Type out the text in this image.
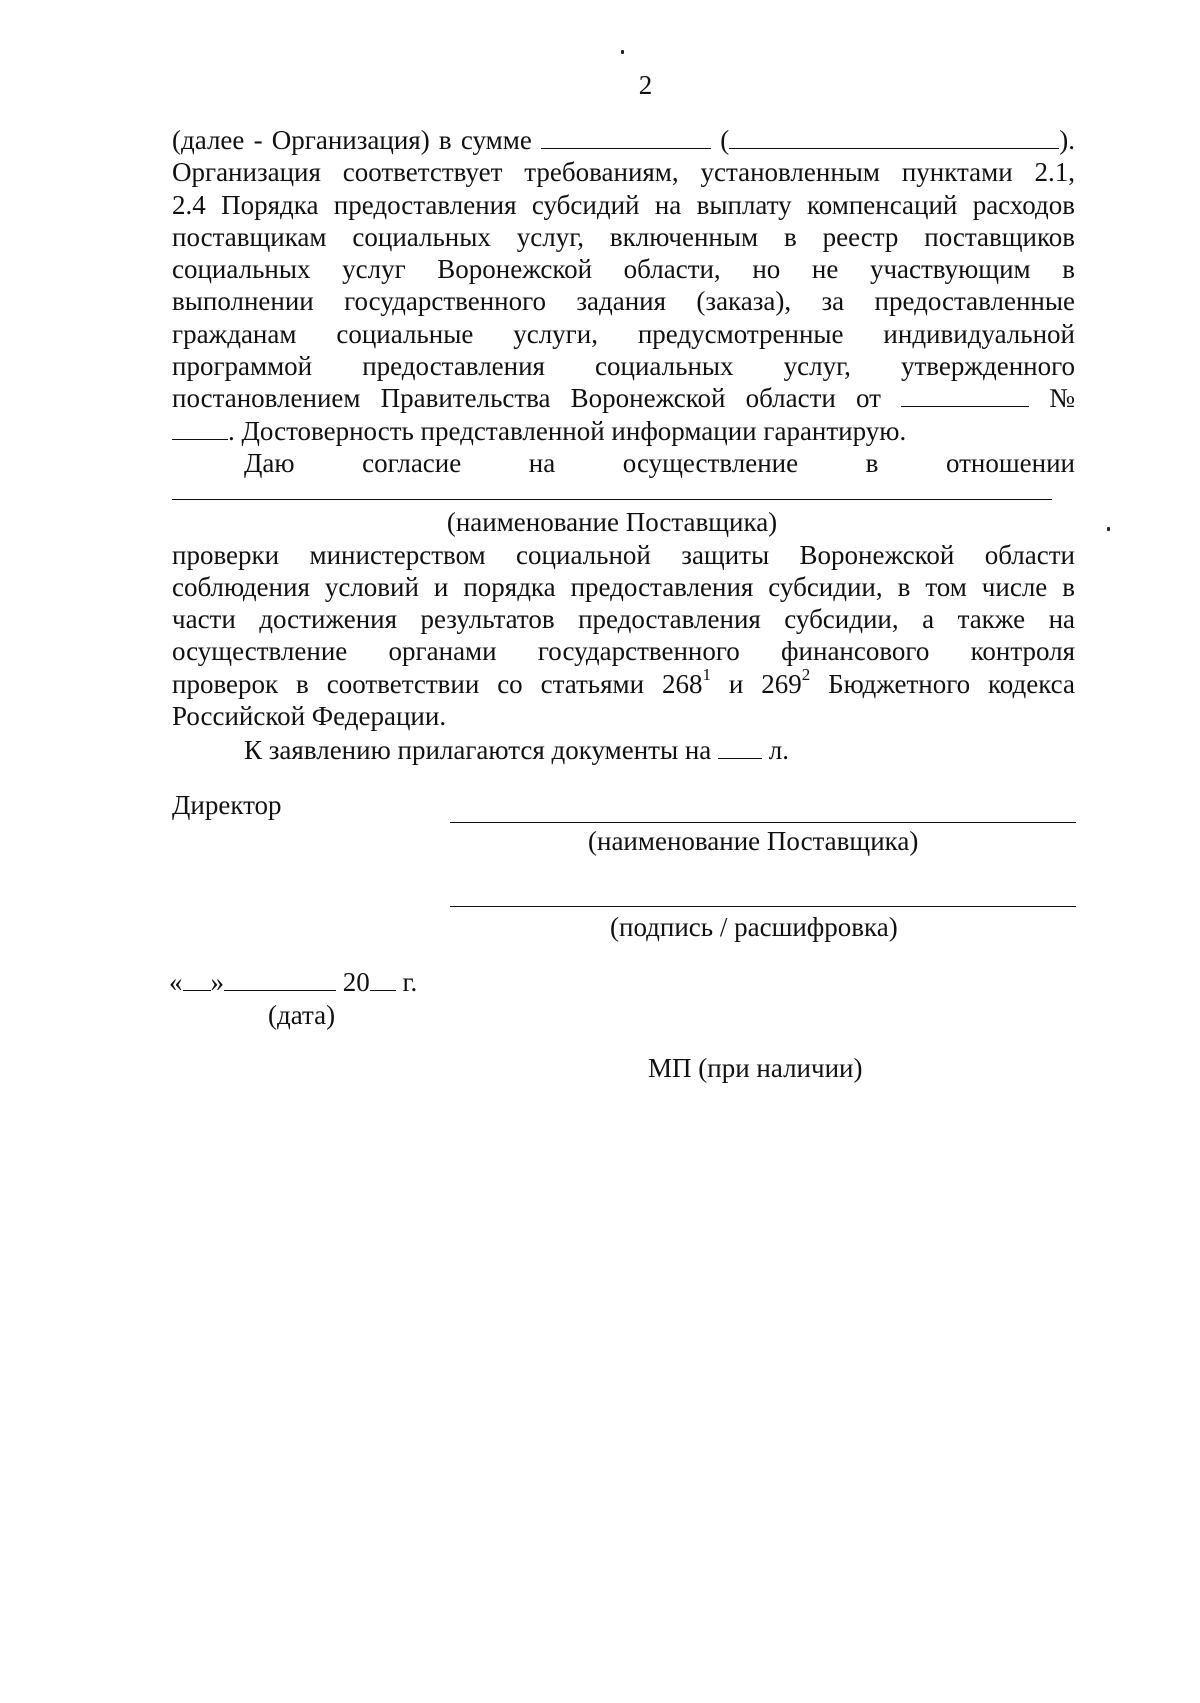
2
(далее - Организация) в сумме	(	).
Организация соответствует требованиям, установленным пунктами 2.1,
2.4 Порядка предоставления субсидий на выплату компенсаций расходов
поставщикам социальных услуг, включенным в реестр поставщиков
социальных услуг Воронежской области, но не участвующим в
выполнении государственного задания (заказа), за предоставленные
гражданам социальные услуги, предусмотренные индивидуальной
программой предоставления социальных услуг, утвержденного
постановлением Правительства Воронежской области от	№
. Достоверность представленной информации гарантирую.
Даю согласие на осуществление в отношении
(наименование Поставщика)
проверки министерством социальной защиты Воронежской области
соблюдения условий и порядка предоставления субсидии, в том числе в
части достижения результатов предоставления субсидии, а также на
осуществление органами государственного финансового контроля
проверок в соответствии со статьями $268^1$ и $269^2$ Бюджетного кодекса
Российской Федерации.
К заявлению прилагаются документы на л.
Директор
(наименование Поставщика)
(подпись / расшифровка)
« »	20 г.
(дата)
МП (при наличии)
